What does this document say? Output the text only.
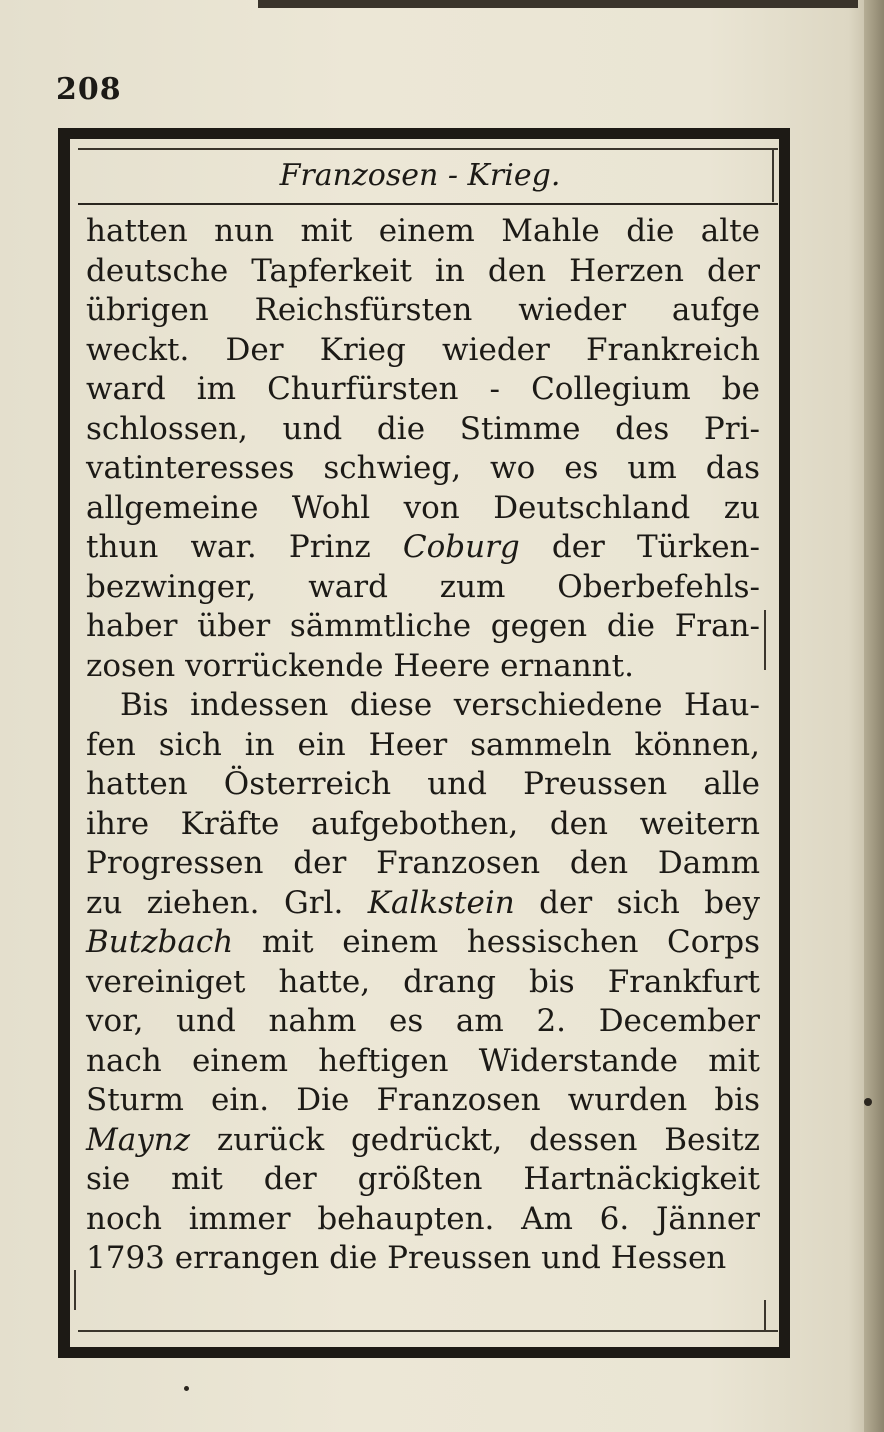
208
Franzosen - Krieg.
hatten nun mit einem Mahle die alte
deutsche Tapferkeit in den Herzen der
übrigen Reichsfürsten wieder aufge
weckt. Der Krieg wieder Frankreich
ward im Churfürsten - Collegium be
schlossen, und die Stimme des Pri-
vatinteresses schwieg, wo es um das
allgemeine Wohl von Deutschland zu
thun war. Prinz Coburg der Türken-
bezwinger, ward zum Oberbefehls-
haber über sämmtliche gegen die Fran-
zosen vorrückende Heere ernannt.
Bis indessen diese verschiedene Hau-
fen sich in ein Heer sammeln können,
hatten Österreich und Preussen alle
ihre Kräfte aufgebothen, den weitern
Progressen der Franzosen den Damm
zu ziehen. Grl. Kalkstein der sich bey
Butzbach mit einem hessischen Corps
vereiniget hatte, drang bis Frankfurt
vor, und nahm es am 2. December
nach einem heftigen Widerstande mit
Sturm ein. Die Franzosen wurden bis
Maynz zurück gedrückt, dessen Besitz
sie mit der größten Hartnäckigkeit
noch immer behaupten. Am 6. Jänner
1793 errangen die Preussen und Hessen
